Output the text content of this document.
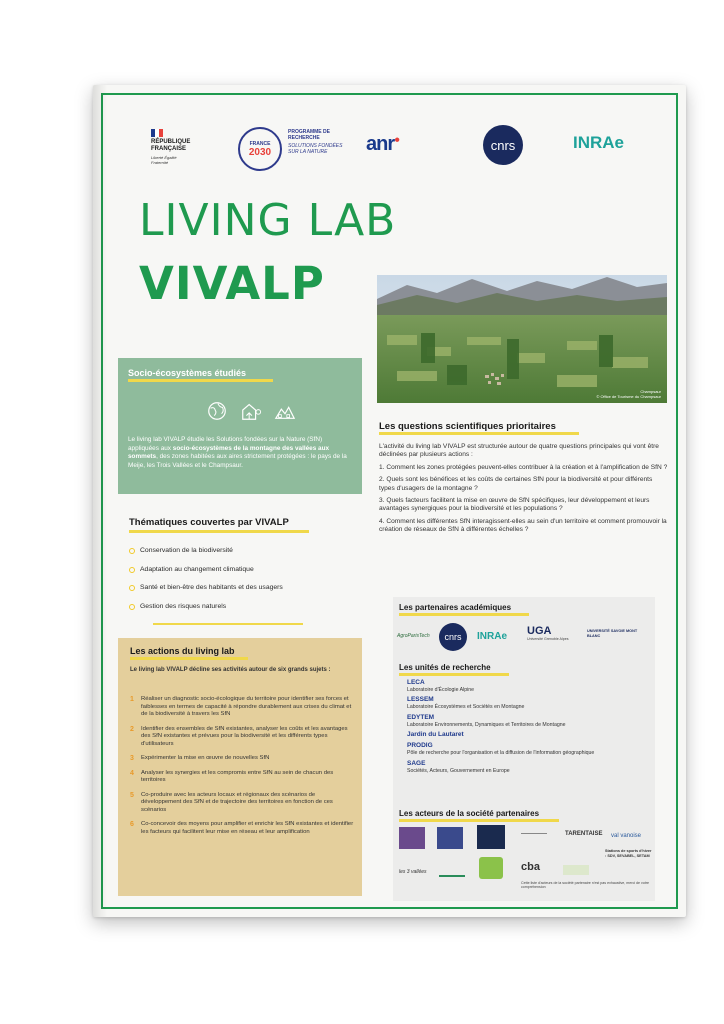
RÉPUBLIQUE FRANÇAISE
Liberté Égalité Fraternité
FRANCE
2030
PROGRAMME DE RECHERCHE
SOLUTIONS FONDÉES SUR LA NATURE	anr●	cnrs	INRAe
LIVING LAB
VIVALP
Champsaur
© Office de Tourisme du Champsaur
Socio-écosystèmes étudiés
Le living lab VIVALP étudie les Solutions fondées sur la Nature (SfN) appliquées aux socio-écosystèmes de la montagne des vallées aux sommets, des zones habitées aux aires strictement protégées : le pays de la Meije, les Trois Vallées et le Champsaur.
Thématiques couvertes par VIVALP
Conservation de la biodiversité
Adaptation au changement climatique
Santé et bien-être des habitants et des usagers
Gestion des risques naturels
Les actions du living lab
Le living lab VIVALP décline ses activités autour de six grands sujets :
1 Réaliser un diagnostic socio-écologique du territoire pour identifier ses forces et faiblesses en termes de capacité à répondre durablement aux crises du climat et de la biodiversité à travers les SfN
2 Identifier des ensembles de SfN existantes, analyser les coûts et les avantages des SfN existantes et prévues pour la biodiversité et les différents types d'utilisateurs
3 Expérimenter la mise en œuvre de nouvelles SfN
4 Analyser les synergies et les compromis entre SfN au sein de chacun des territoires
5 Co-produire avec les acteurs locaux et régionaux des scénarios de développement des SfN et de trajectoire des territoires en fonction de ces scénarios
6 Co-concevoir des moyens pour amplifier et enrichir les SfN existantes et identifier les facteurs qui facilitent leur mise en réseau et leur amplification
Les questions scientifiques prioritaires

L'activité du living lab VIVALP est structurée autour de quatre questions principales qui vont être déclinées par plusieurs actions :

1. Comment les zones protégées peuvent-elles contribuer à la création et à l'amplification de SfN ?

2. Quels sont les bénéfices et les coûts de certaines SfN pour la biodiversité et pour différents types d'usagers de la montagne ?

3. Quels facteurs facilitent la mise en œuvre de SfN spécifiques, leur développement et leurs avantages synergiques pour la biodiversité et les populations ?

4. Comment les différentes SfN interagissent-elles au sein d'un territoire et comment promouvoir la création de réseaux de SfN à différentes échelles ?

Les partenaires académiques
AgroParisTech	cnrs	INRAe UGA
Université Grenoble Alpes
UNIVERSITÉ SAVOIE MONT BLANC
Les unités de recherche
LECA
Laboratoire d'Écologie Alpine
LESSEM
Laboratoire Écosystèmes et Sociétés en Montagne
EDYTEM
Laboratoire Environnements, Dynamiques et Territoires de Montagne
Jardin du Lautaret
PRODIG
Pôle de recherche pour l'organisation et la diffusion de l'information géographique
SAGE
Sociétés, Acteurs, Gouvernement en Europe
Les acteurs de la société partenaires
TARENTAISE val vanoise
les 3 vallées	cba
Stations de sports d'hiver : SDV, SEVABEL, SETAM
Cette liste d'acteurs de la société partenaire n'est pas exhaustive, merci de votre compréhension
